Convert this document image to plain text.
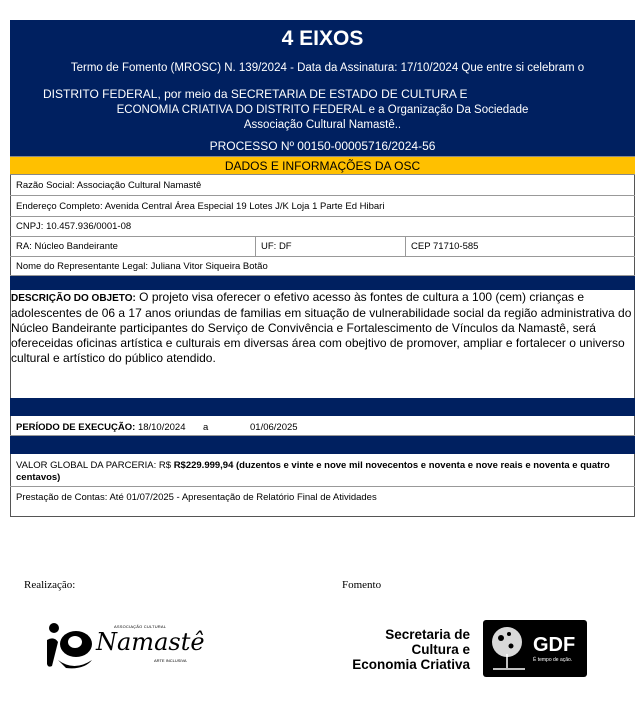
4 EIXOS
Termo de Fomento (MROSC) N. 139/2024 - Data da Assinatura: 17/10/2024 Que entre si celebram o
DISTRITO FEDERAL, por meio da SECRETARIA DE ESTADO DE CULTURA E
ECONOMIA CRIATIVA DO DISTRITO FEDERAL e a Organização Da Sociedade
Associação Cultural Namastê..
PROCESSO Nº 00150-00005716/2024-56
DADOS E INFORMAÇÕES DA OSC
Razão Social: Associação Cultural Namastê
Endereço Completo: Avenida Central Área Especial 19 Lotes J/K Loja 1 Parte Ed Hibari
CNPJ: 10.457.936/0001-08
RA: Núcleo Bandeirante	UF: DF	CEP 71710-585
Nome do Representante Legal: Juliana Vitor Siqueira Botão
DESCRIÇÃO DO OBJETO: O projeto visa oferecer o efetivo acesso às fontes de cultura a 100 (cem) crianças e adolescentes de 06 a 17 anos oriundas de familias em situação de vulnerabilidade social da região administrativa do Núcleo Bandeirante participantes do Serviço de Convivência e Fortalescimento de Vínculos da Namastê, será ofereceidas oficinas artística e culturais em diversas área com obejtivo de promover, ampliar e fortalecer o universo cultural e artístico do público atendido.
PERÍODO DE EXECUÇÃO: 18/10/2024 a	01/06/2025
VALOR GLOBAL DA PARCERIA: R$ R$229.999,94 (duzentos e vinte e nove mil novecentos e noventa e nove reais e noventa e quatro centavos)
Prestação de Contas: Até 01/07/2025 - Apresentação de Relatório Final de Atividades
Realização:	Fomento
ASSOCIAÇÃO CULTURAL
Namastê
ARTE INCLUSIVA
Secretaria de
Cultura e
Economia Criativa
GDF
É tempo de ação.
